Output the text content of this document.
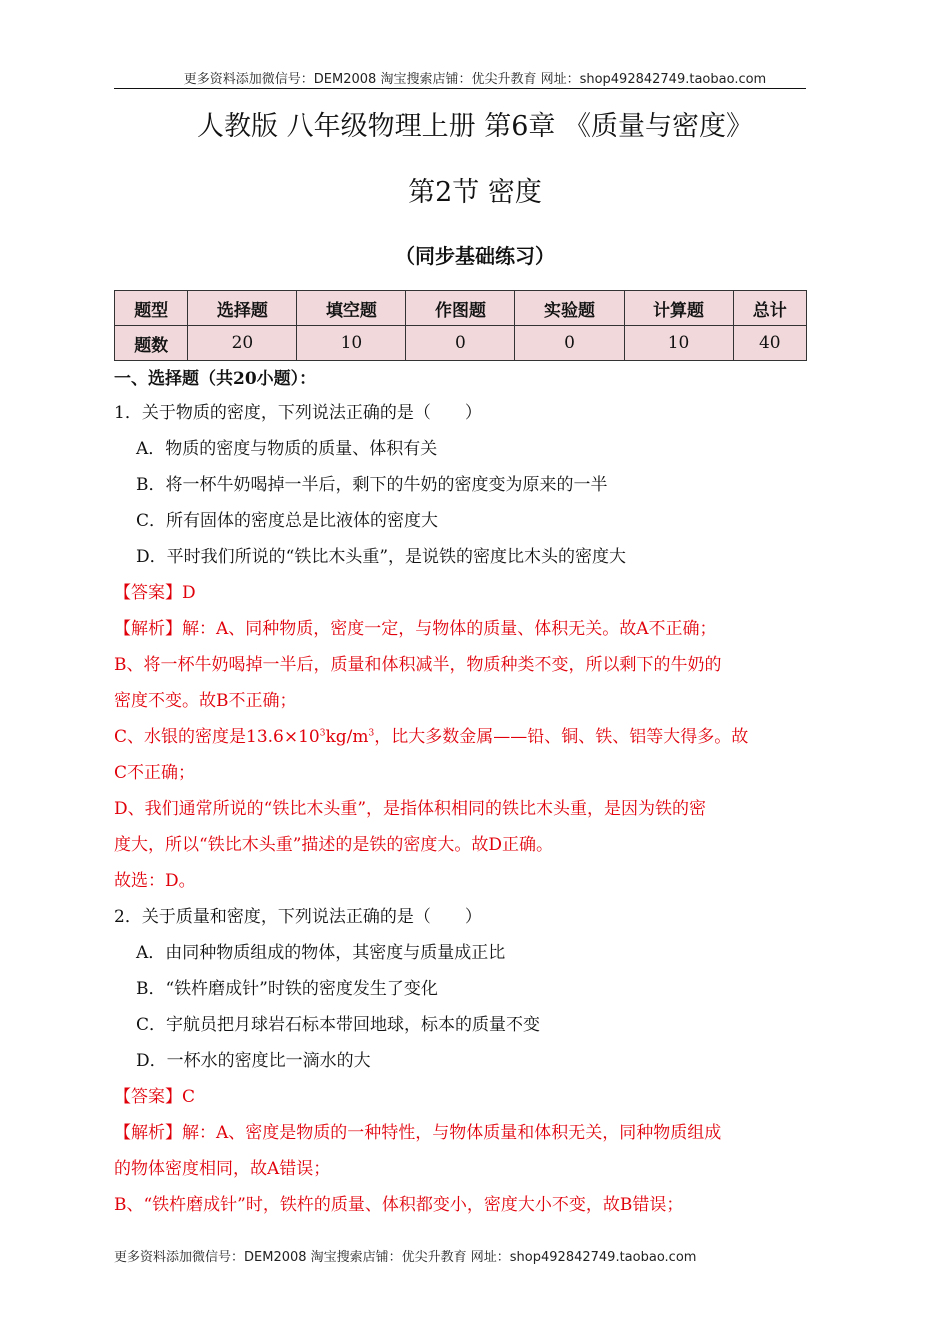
更多资料添加微信号：DEM2008 淘宝搜索店铺：优尖升教育 网址：shop492842749.taobao.com
人教版 八年级物理上册 第6章 《质量与密度》
第2节 密度
（同步基础练习）
题型	选择题	填空题	作图题	实验题	计算题	总计
题数	20	10	0	0	10	40

一、选择题（共20小题）：

1．关于物质的密度，下列说法正确的是（　　）

A．物质的密度与物质的质量、体积有关

B．将一杯牛奶喝掉一半后，剩下的牛奶的密度变为原来的一半

C．所有固体的密度总是比液体的密度大

D．平时我们所说的“铁比木头重”，是说铁的密度比木头的密度大

【答案】D

【解析】解：A、同种物质，密度一定，与物体的质量、体积无关。故A不正确；

B、将一杯牛奶喝掉一半后，质量和体积减半，物质种类不变，所以剩下的牛奶的

密度不变。故B不正确；

C、水银的密度是$13.6\times 10^3kg/m^3$，比大多数金属——铅、铜、铁、铝等大得多。故

C不正确；

D、我们通常所说的“铁比木头重”，是指体积相同的铁比木头重，是因为铁的密

度大，所以“铁比木头重”描述的是铁的密度大。故D正确。

故选：D。

2．关于质量和密度，下列说法正确的是（　　）

A．由同种物质组成的物体，其密度与质量成正比

B．“铁杵磨成针”时铁的密度发生了变化

C．宇航员把月球岩石标本带回地球，标本的质量不变

D．一杯水的密度比一滴水的大

【答案】C

【解析】解：A、密度是物质的一种特性，与物体质量和体积无关，同种物质组成

的物体密度相同，故A错误；

B、“铁杵磨成针”时，铁杵的质量、体积都变小，密度大小不变，故B错误；

更多资料添加微信号：DEM2008 淘宝搜索店铺：优尖升教育 网址：shop492842749.taobao.com
